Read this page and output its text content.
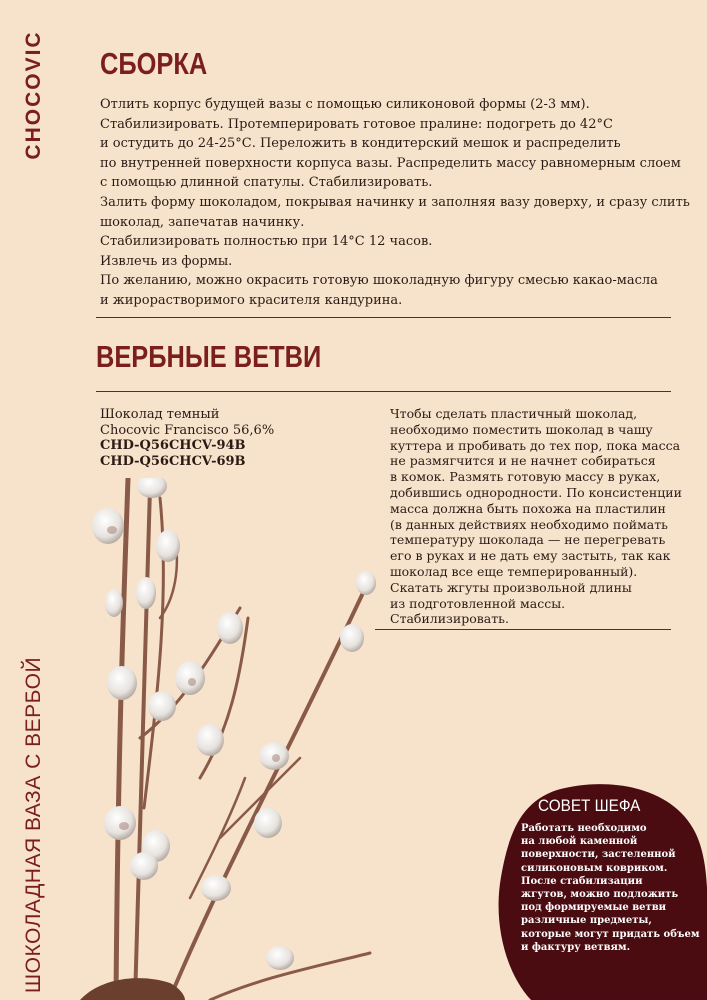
CHOCOVIC
ШОКОЛАДНАЯ ВАЗА С ВЕРБОЙ
СБОРКА
Отлить корпус будущей вазы с помощью силиконовой формы (2-3 мм).
Стабилизировать. Протемперировать готовое пралине: подогреть до 42°С
и остудить до 24-25°С. Переложить в кондитерский мешок и распределить
по внутренней поверхности корпуса вазы. Распределить массу равномерным слоем
с помощью длинной спатулы. Стабилизировать.
Залить форму шоколадом, покрывая начинку и заполняя вазу доверху, и сразу слить
шоколад, запечатав начинку.
Стабилизировать полностью при 14°С 12 часов.
Извлечь из формы.
По желанию, можно окрасить готовую шоколадную фигуру смесью какао-масла
и жирорастворимого красителя кандурина.
ВЕРБНЫЕ ВЕТВИ
Шоколад темный
Chocovic Francisco 56,6%
CHD-Q56CHCV-94B
CHD-Q56CHCV-69B
Чтобы сделать пластичный шоколад,
необходимо поместить шоколад в чашу
куттера и пробивать до тех пор, пока масса
не размягчится и не начнет собираться
в комок. Размять готовую массу в руках,
добившись однородности. По консистенции
масса должна быть похожа на пластилин
(в данных действиях необходимо поймать
температуру шоколада — не перегревать
его в руках и не дать ему застыть, так как
шоколад все еще темперированный).
Скатать жгуты произвольной длины
из подготовленной массы.
Стабилизировать.
СОВЕТ ШЕФА
Работать необходимо
на любой каменной
поверхности, застеленной
силиконовым ковриком.
После стабилизации
жгутов, можно подложить
под формируемые ветви
различные предметы,
которые могут придать объем
и фактуру ветвям.
